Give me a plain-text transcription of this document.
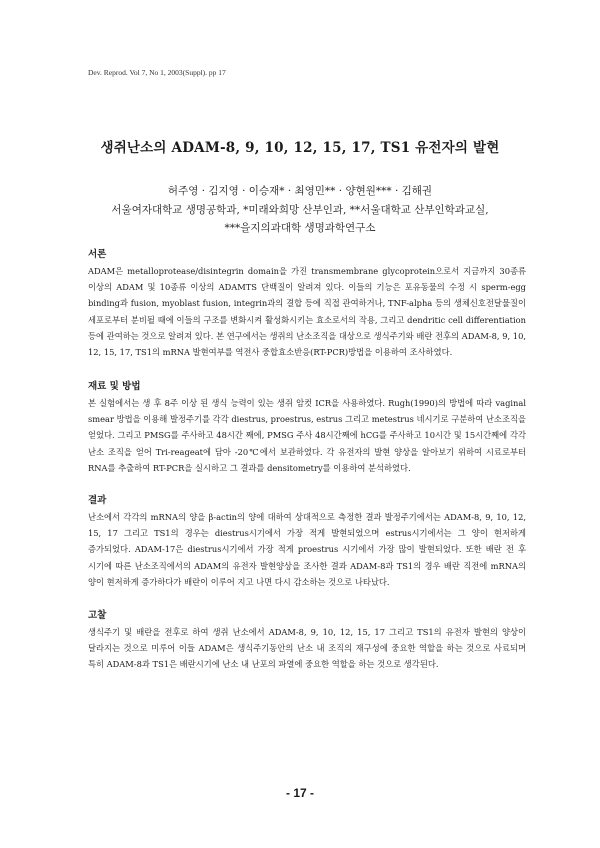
Dev. Reprod. Vol 7, No 1, 2003(Suppl). pp 17
생쥐난소의 ADAM-8, 9, 10, 12, 15, 17, TS1 유전자의 발현
허주영 · 김지영 · 이승재* · 최영민** · 양현원*** · 김해권
서울여자대학교 생명공학과, *미래와희망 산부인과, **서울대학교 산부인학과교실,
***을지의과대학 생명과학연구소
서론

ADAM은 metalloprotease/disintegrin domain을 가진 transmembrane glycoprotein으로서 지금까지 30종류 이상의 ADAM 및 10종류 이상의 ADAMTS 단백질이 알려져 있다. 이들의 기능은 포유동물의 수정 시 sperm-egg binding과 fusion, myoblast fusion, integrin과의 결합 등에 직접 관여하거나, TNF-alpha 등의 생체신호전달물질이 세포로부터 분비될 때에 이들의 구조를 변화시켜 활성화시키는 효소로서의 작용, 그리고 dendritic cell differentiation 등에 관여하는 것으로 알려져 있다. 본 연구에서는 생쥐의 난소조직을 대상으로 생식주기와 배란 전후의 ADAM-8, 9, 10, 12, 15, 17, TS1의 mRNA 발현여부를 역전사 중합효소반응(RT-PCR)방법을 이용하여 조사하였다.

재료 및 방법

본 실험에서는 생 후 8주 이상 된 생식 능력이 있는 생쥐 암컷 ICR을 사용하였다. Rugh(1990)의 방법에 따라 vaginal smear 방법을 이용해 발정주기를 각각 diestrus, proestrus, estrus 그리고 metestrus 네시기로 구분하여 난소조직을 얻었다. 그리고 PMSG를 주사하고 48시간 째에, PMSG 주사 48시간째에 hCG를 주사하고 10시간 및 15시간째에 각각 난소 조직을 얻어 Tri-reageat에 담아 -20℃에서 보관하였다. 각 유전자의 발현 양상을 알아보기 위하여 시료로부터 RNA를 추출하여 RT-PCR을 실시하고 그 결과를 densitometry를 이용하여 분석하였다.

결과

난소에서 각각의 mRNA의 양을 β-actin의 양에 대하여 상대적으로 측정한 결과 발정주기에서는 ADAM-8, 9, 10, 12, 15, 17 그리고 TS1의 경우는 diestrus시기에서 가장 적게 발현되었으며 estrus시기에서는 그 양이 현저하게 증가되었다. ADAM-17은 diestrus시기에서 가장 적게 proestrus 시기에서 가장 많이 발현되었다. 또한 배란 전 후 시기에 따른 난소조직에서의 ADAM의 유전자 발현양상을 조사한 결과 ADAM-8과 TS1의 경우 배란 직전에 mRNA의 양이 현저하게 증가하다가 배란이 이루어 지고 나면 다시 감소하는 것으로 나타났다.

고찰

생식주기 및 배란을 전후로 하여 생쥐 난소에서 ADAM-8, 9, 10, 12, 15, 17 그리고 TS1의 유전자 발현의 양상이 달라지는 것으로 미루어 이들 ADAM은 생식주기동안의 난소 내 조직의 재구성에 중요한 역할을 하는 것으로 사료되며 특히 ADAM-8과 TS1은 배란시기에 난소 내 난포의 파열에 중요한 역할을 하는 것으로 생각된다.

- 17 -
